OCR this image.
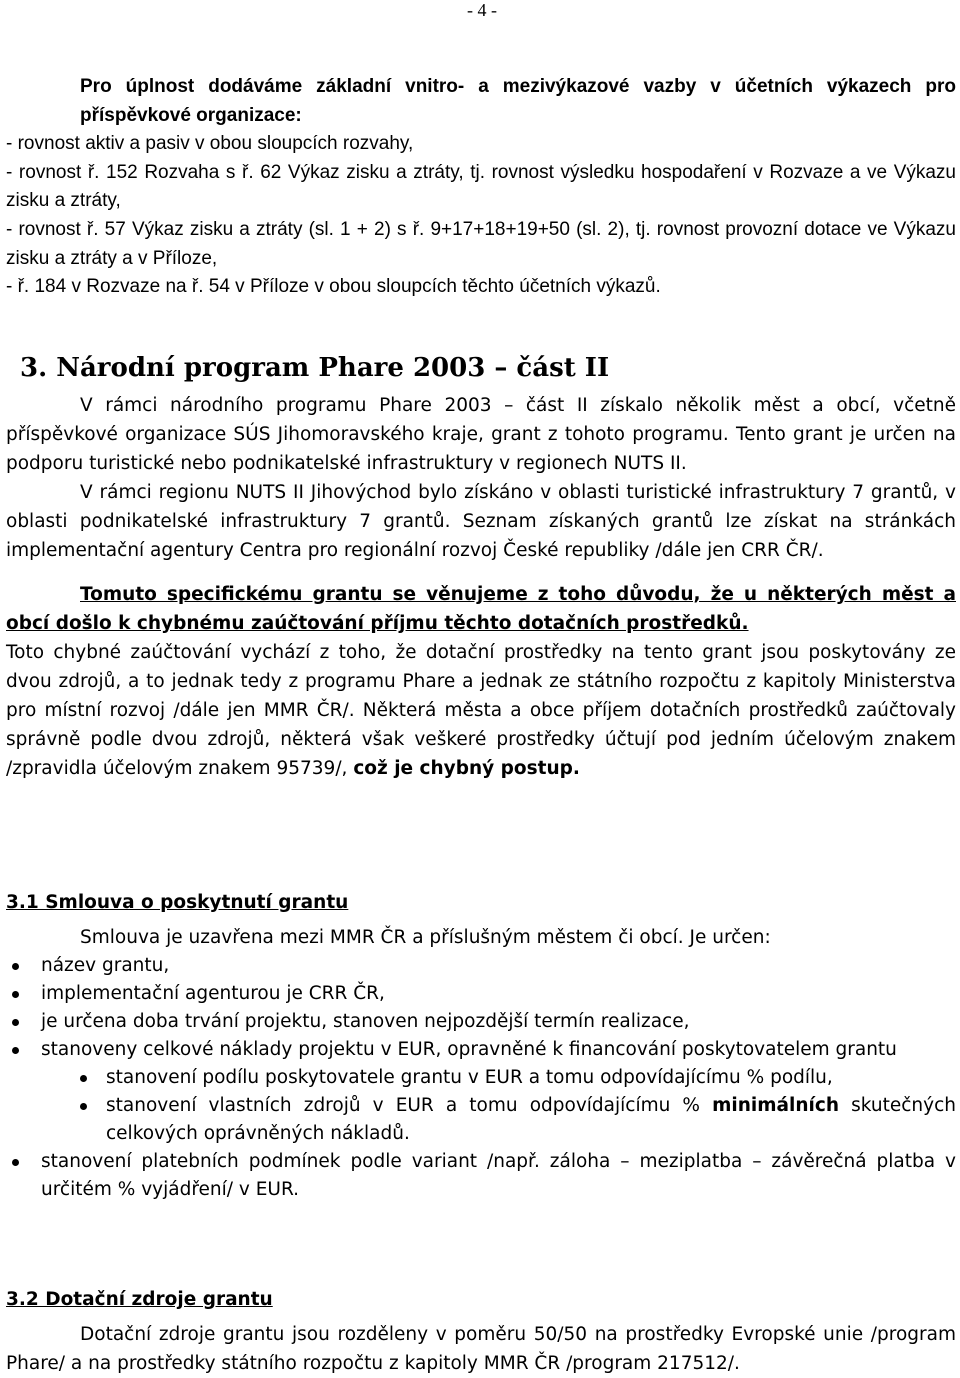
- 4 -
Pro úplnost dodáváme základní vnitro- a mezivýkazové vazby v účetních výkazech pro příspěvkové organizace:
- rovnost aktiv a pasiv v obou sloupcích rozvahy,
- rovnost ř. 152 Rozvaha s ř. 62 Výkaz zisku a ztráty, tj. rovnost výsledku hospodaření v Rozvaze a ve Výkazu zisku a ztráty,
- rovnost ř. 57 Výkaz zisku a ztráty (sl. 1 + 2) s ř. 9+17+18+19+50 (sl. 2), tj. rovnost provozní dotace ve Výkazu zisku a ztráty a v Příloze,
- ř. 184 v Rozvaze na ř. 54 v Příloze v obou sloupcích těchto účetních výkazů.
3. Národní program Phare 2003 – část II

V rámci národního programu Phare 2003 – část II získalo několik měst a obcí, včetně příspěvkové organizace SÚS Jihomoravského kraje, grant z tohoto programu. Tento grant je určen na podporu turistické nebo podnikatelské infrastruktury v regionech NUTS II.

V rámci regionu NUTS II Jihovýchod bylo získáno v oblasti turistické infrastruktury 7 grantů, v oblasti podnikatelské infrastruktury 7 grantů. Seznam získaných grantů lze získat na stránkách implementační agentury Centra pro regionální rozvoj České republiky /dále jen CRR ČR/.

Tomuto specifickému grantu se věnujeme z toho důvodu, že u některých měst a obcí došlo k chybnému zaúčtování příjmu těchto dotačních prostředků.

Toto chybné zaúčtování vychází z toho, že dotační prostředky na tento grant jsou poskytovány ze dvou zdrojů, a to jednak tedy z programu Phare a jednak ze státního rozpočtu z kapitoly Ministerstva pro místní rozvoj /dále jen MMR ČR/. Některá města a obce příjem dotačních prostředků zaúčtovaly správně podle dvou zdrojů, některá však veškeré prostředky účtují pod jedním účelovým znakem /zpravidla účelovým znakem 95739/, což je chybný postup.

3.1 Smlouva o poskytnutí grantu

Smlouva je uzavřena mezi MMR ČR a příslušným městem či obcí. Je určen:

název grantu,
implementační agenturou je CRR ČR,
je určena doba trvání projektu, stanoven nejpozdější termín realizace,
stanoveny celkové náklady projektu v EUR, opravněné k financování poskytovatelem grantu
stanovení podílu poskytovatele grantu v EUR a tomu odpovídajícímu % podílu,
stanovení vlastních zdrojů v EUR a tomu odpovídajícímu % minimálních skutečných celkových oprávněných nákladů.
stanovení platebních podmínek podle variant /např. záloha – meziplatba – závěrečná platba v určitém % vyjádření/ v EUR.

3.2 Dotační zdroje grantu

Dotační zdroje grantu jsou rozděleny v poměru 50/50 na prostředky Evropské unie /program Phare/ a na prostředky státního rozpočtu z kapitoly MMR ČR /program 217512/.
